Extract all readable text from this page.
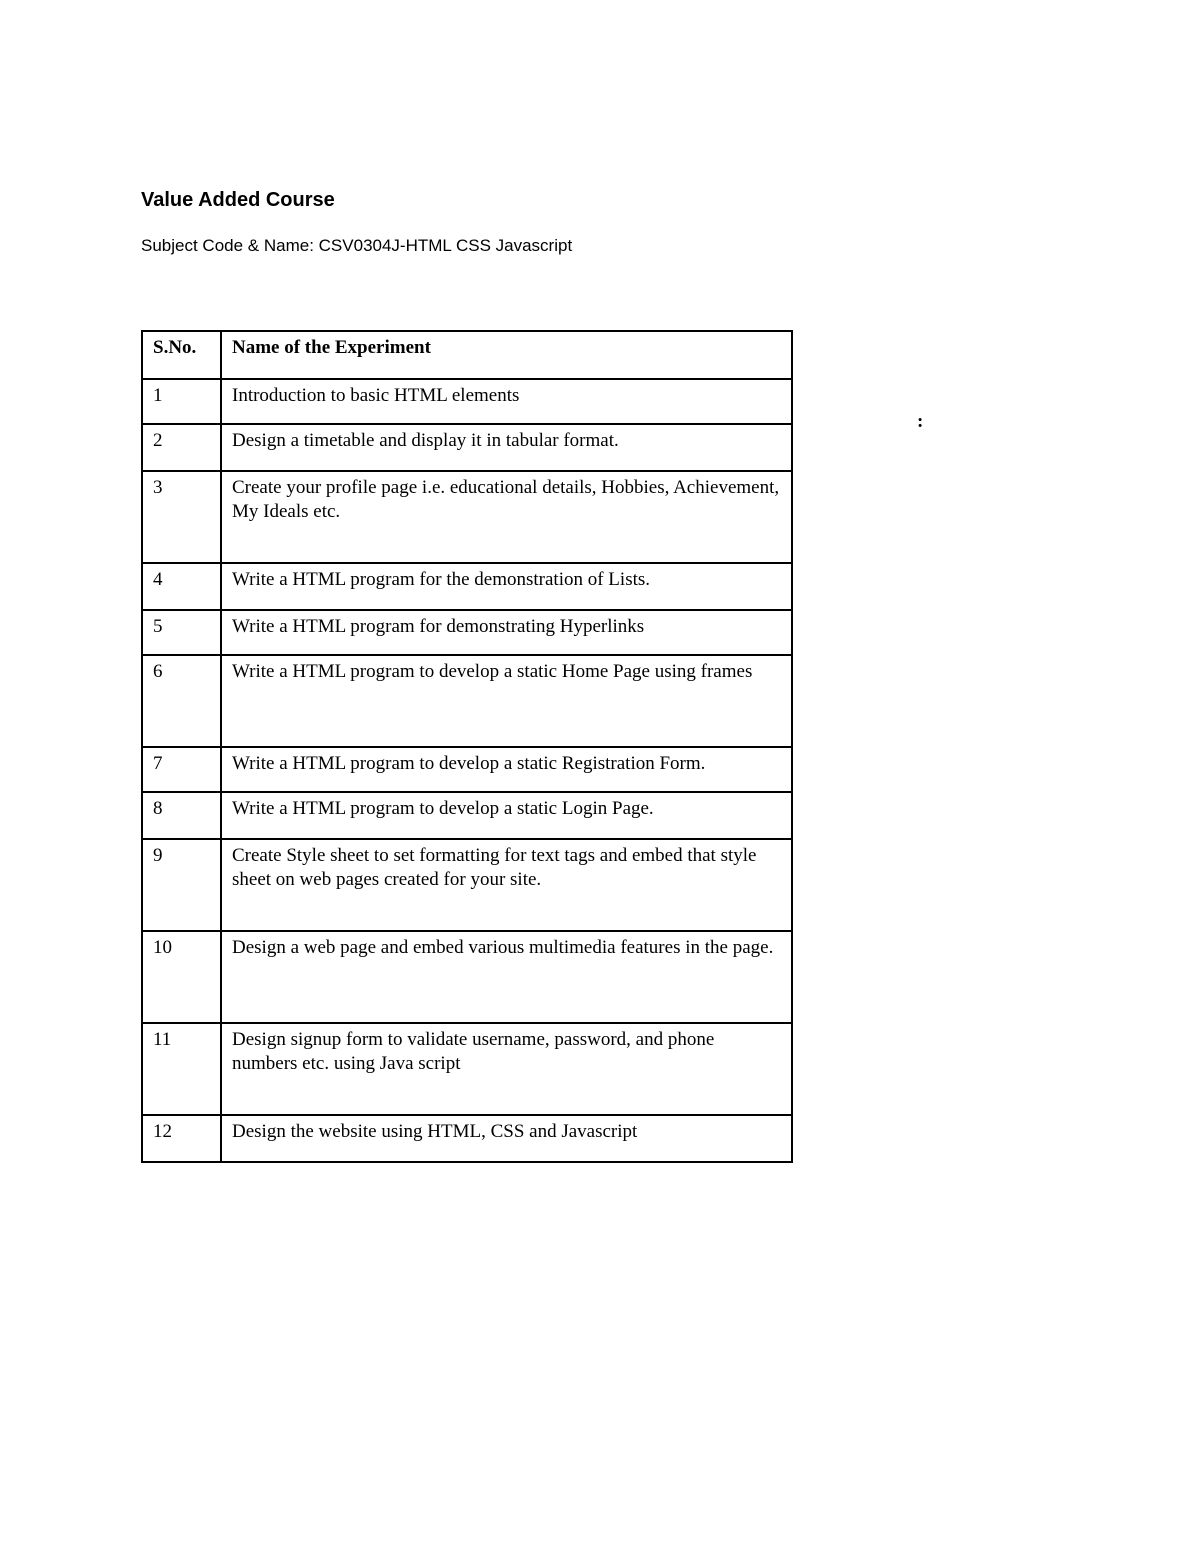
Value Added Course
Subject Code & Name: CSV0304J-HTML CSS Javascript
:
S.No.	Name of the Experiment
1	Introduction to basic HTML elements
2	Design a timetable and display it in tabular format.
3	Create your profile page i.e. educational details, Hobbies, Achievement, My Ideals etc.
4	Write a HTML program for the demonstration of Lists.
5	Write a HTML program for demonstrating Hyperlinks
6	Write a HTML program to develop a static Home Page using frames
7	Write a HTML program to develop a static Registration Form.
8	Write a HTML program to develop a static Login Page.
9	Create Style sheet to set formatting for text tags and embed that style sheet on web pages created for your site.
10	Design a web page and embed various multimedia features in the page.
11	Design signup form to validate username, password, and phone numbers etc. using Java script
12	Design the website using HTML, CSS and Javascript
